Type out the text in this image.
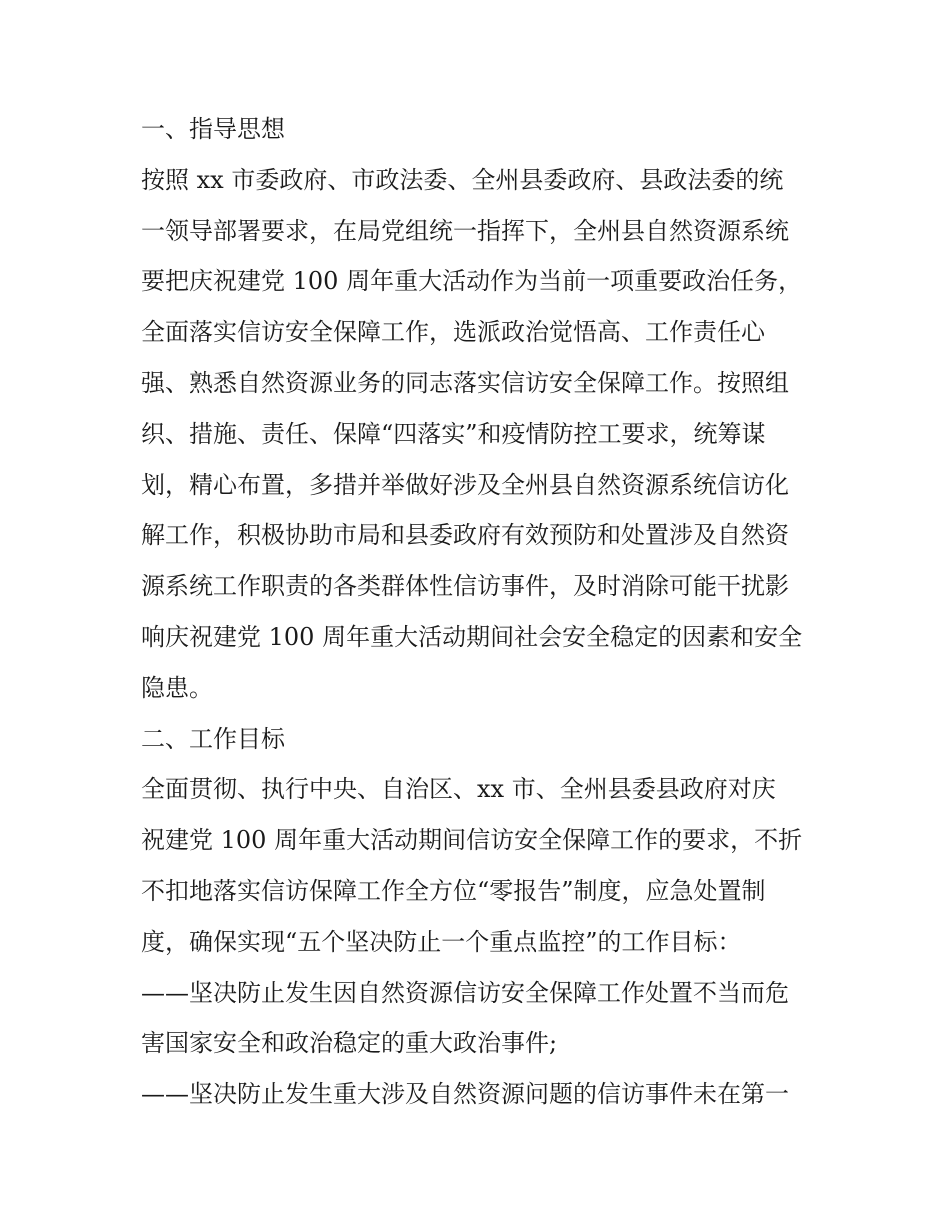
一、指导思想
按照 xx 市委政府、市政法委、全州县委政府、县政法委的统
一领导部署要求，在局党组统一指挥下，全州县自然资源系统
要把庆祝建党 100 周年重大活动作为当前一项重要政治任务，
全面落实信访安全保障工作，选派政治觉悟高、工作责任心
强、熟悉自然资源业务的同志落实信访安全保障工作。按照组
织、措施、责任、保障“四落实”和疫情防控工要求，统筹谋
划，精心布置，多措并举做好涉及全州县自然资源系统信访化
解工作，积极协助市局和县委政府有效预防和处置涉及自然资
源系统工作职责的各类群体性信访事件，及时消除可能干扰影
响庆祝建党 100 周年重大活动期间社会安全稳定的因素和安全
隐患。
二、工作目标
全面贯彻、执行中央、自治区、xx 市、全州县委县政府对庆
祝建党 100 周年重大活动期间信访安全保障工作的要求，不折
不扣地落实信访保障工作全方位“零报告”制度，应急处置制
度，确保实现“五个坚决防止一个重点监控”的工作目标：
——坚决防止发生因自然资源信访安全保障工作处置不当而危
害国家安全和政治稳定的重大政治事件;
——坚决防止发生重大涉及自然资源问题的信访事件未在第一
